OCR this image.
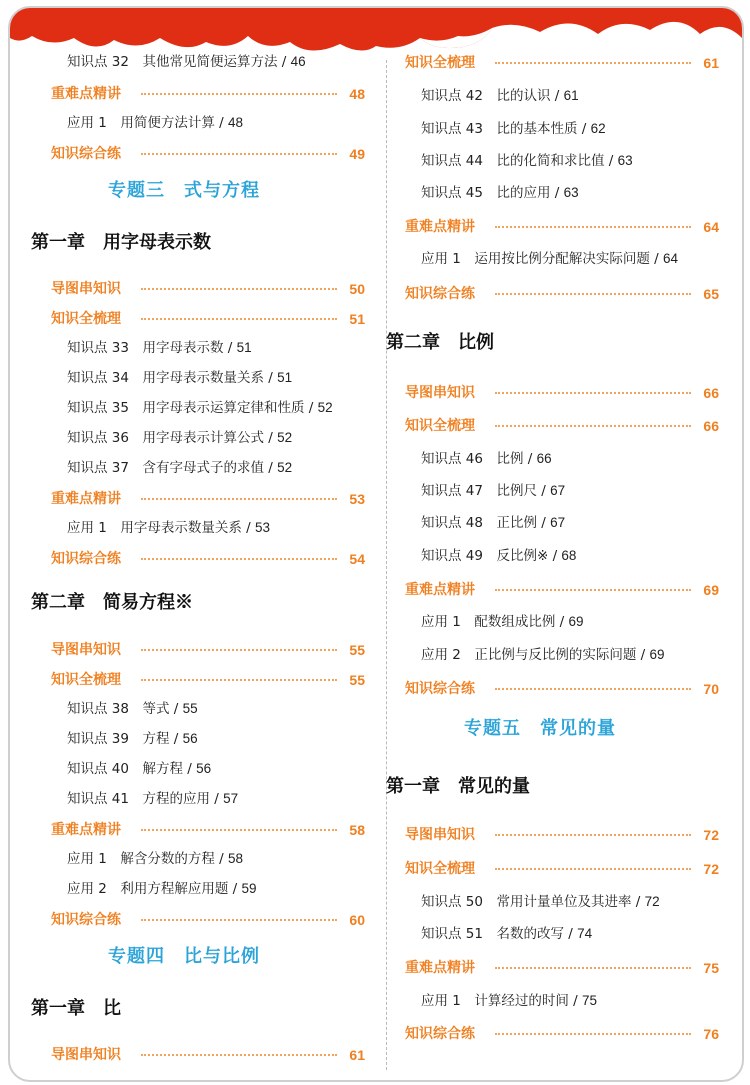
知识点 32　其他常见简便运算方法 / 46
重难点精讲	48
应用 1　用简便方法计算 / 48
知识综合练	49
专题三　式与方程
第一章　用字母表示数
导图串知识	50
知识全梳理	51
知识点 33　用字母表示数 / 51
知识点 34　用字母表示数量关系 / 51
知识点 35　用字母表示运算定律和性质 / 52
知识点 36　用字母表示计算公式 / 52
知识点 37　含有字母式子的求值 / 52
重难点精讲	53
应用 1　用字母表示数量关系 / 53
知识综合练	54
第二章　简易方程※
导图串知识	55
知识全梳理	55
知识点 38　等式 / 55
知识点 39　方程 / 56
知识点 40　解方程 / 56
知识点 41　方程的应用 / 57
重难点精讲	58
应用 1　解含分数的方程 / 58
应用 2　利用方程解应用题 / 59
知识综合练	60
专题四　比与比例
第一章　比
导图串知识	61
知识全梳理	61
知识点 42　比的认识 / 61
知识点 43　比的基本性质 / 62
知识点 44　比的化简和求比值 / 63
知识点 45　比的应用 / 63
重难点精讲	64
应用 1　运用按比例分配解决实际问题 / 64
知识综合练	65
第二章　比例
导图串知识	66
知识全梳理	66
知识点 46　比例 / 66
知识点 47　比例尺 / 67
知识点 48　正比例 / 67
知识点 49　反比例※ / 68
重难点精讲	69
应用 1　配数组成比例 / 69
应用 2　正比例与反比例的实际问题 / 69
知识综合练	70
专题五　常见的量
第一章　常见的量
导图串知识	72
知识全梳理	72
知识点 50　常用计量单位及其进率 / 72
知识点 51　名数的改写 / 74
重难点精讲	75
应用 1　计算经过的时间 / 75
知识综合练	76
